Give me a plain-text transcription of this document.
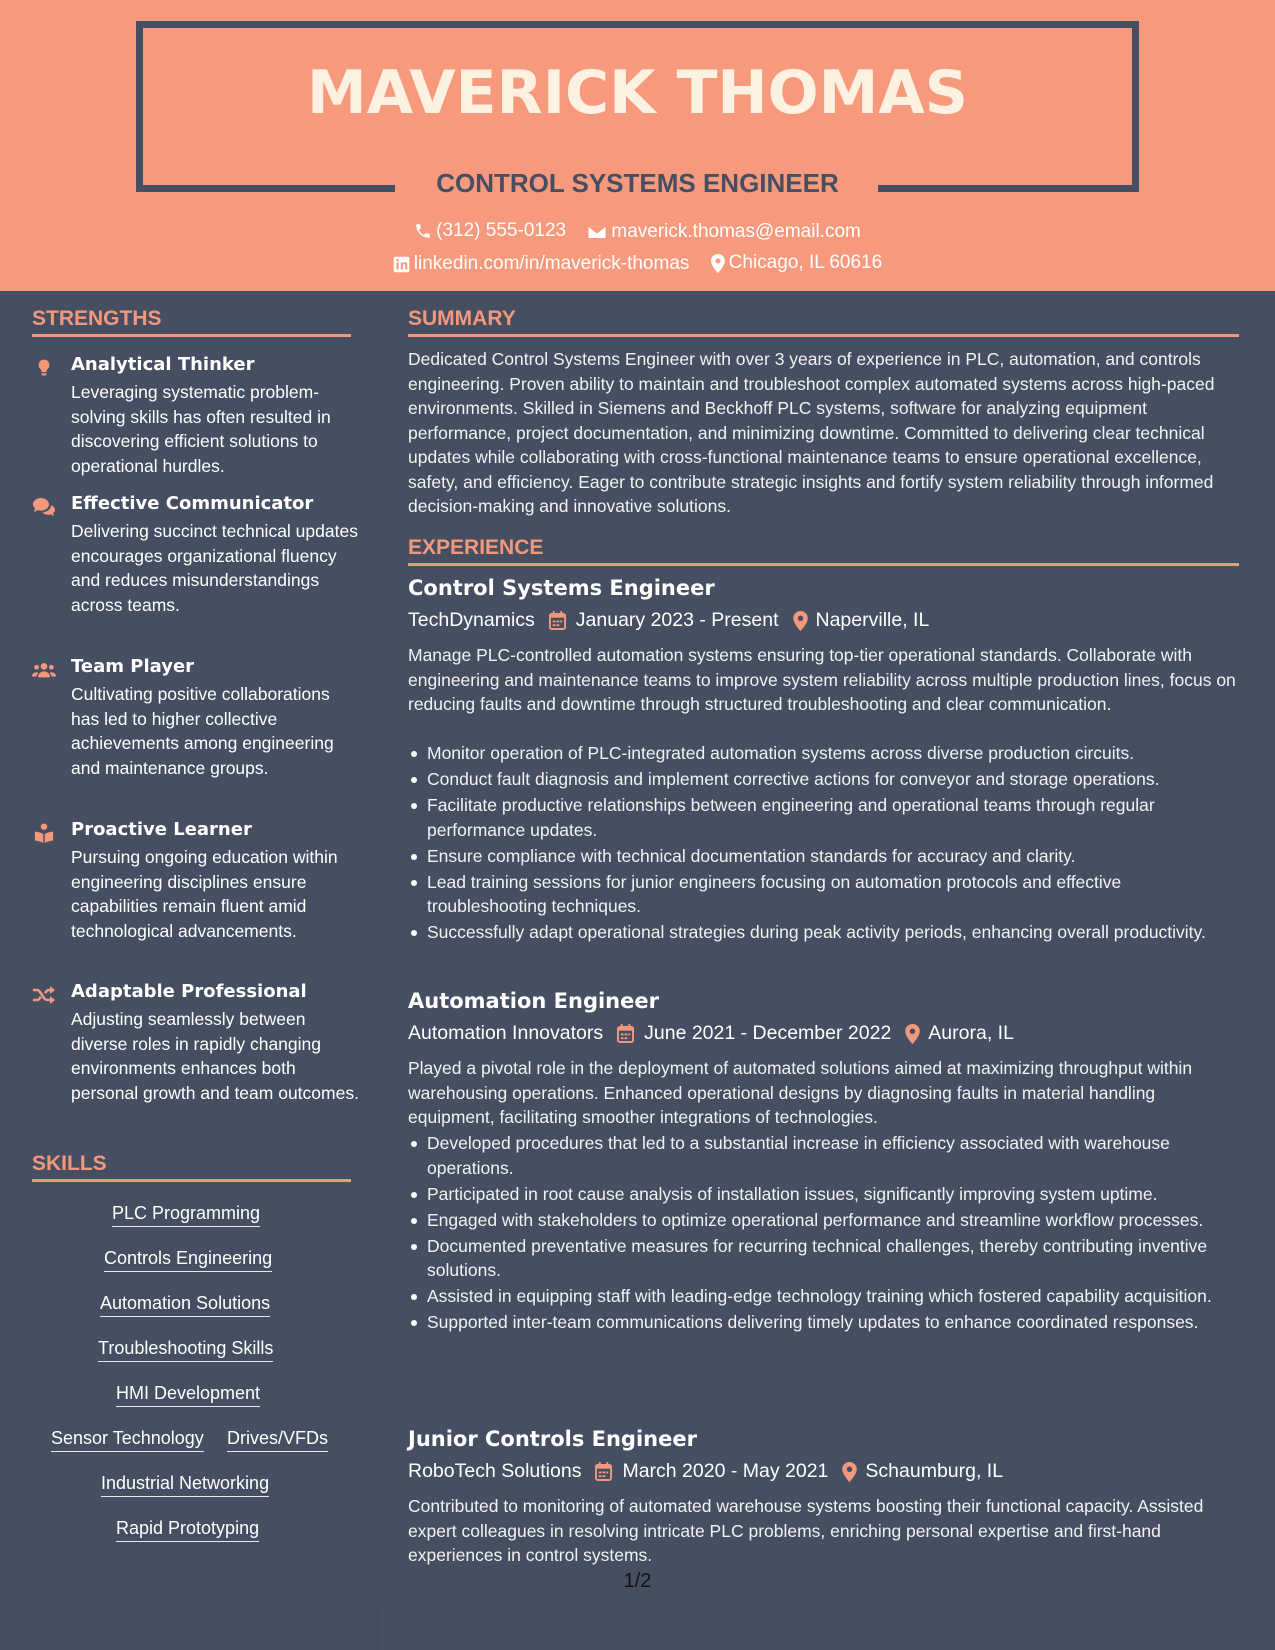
MAVERICK THOMAS
CONTROL SYSTEMS ENGINEER
(312) 555-0123
maverick.thomas@email.com
linkedin.com/in/maverick-thomas
Chicago, IL 60616
STRENGTHS
Analytical Thinker
Leveraging systematic problem-solving skills has often resulted in discovering efficient solutions to operational hurdles.
Effective Communicator
Delivering succinct technical updates encourages organizational fluency and reduces misunderstandings across teams.
Team Player
Cultivating positive collaborations has led to higher collective achievements among engineering and maintenance groups.
Proactive Learner
Pursuing ongoing education within engineering disciplines ensure capabilities remain fluent amid technological advancements.
Adaptable Professional
Adjusting seamlessly between diverse roles in rapidly changing environments enhances both personal growth and team outcomes.
SKILLS
PLC Programming
Controls Engineering
Automation Solutions
Troubleshooting Skills
HMI Development
Sensor Technology Drives/VFDs
Industrial Networking
Rapid Prototyping
SUMMARY
Dedicated Control Systems Engineer with over 3 years of experience in PLC, automation, and controls engineering. Proven ability to maintain and troubleshoot complex automated systems across high-paced environments. Skilled in Siemens and Beckhoff PLC systems, software for analyzing equipment performance, project documentation, and minimizing downtime. Committed to delivering clear technical updates while collaborating with cross-functional maintenance teams to ensure operational excellence, safety, and efficiency. Eager to contribute strategic insights and fortify system reliability through informed decision-making and innovative solutions.
EXPERIENCE
Control Systems Engineer
TechDynamics January 2023 - Present Naperville, IL
Manage PLC-controlled automation systems ensuring top-tier operational standards. Collaborate with engineering and maintenance teams to improve system reliability across multiple production lines, focus on reducing faults and downtime through structured troubleshooting and clear communication.
Monitor operation of PLC-integrated automation systems across diverse production circuits.
Conduct fault diagnosis and implement corrective actions for conveyor and storage operations.
Facilitate productive relationships between engineering and operational teams through regular performance updates.
Ensure compliance with technical documentation standards for accuracy and clarity.
Lead training sessions for junior engineers focusing on automation protocols and effective troubleshooting techniques.
Successfully adapt operational strategies during peak activity periods, enhancing overall productivity.
Automation Engineer
Automation Innovators June 2021 - December 2022 Aurora, IL
Played a pivotal role in the deployment of automated solutions aimed at maximizing throughput within warehousing operations. Enhanced operational designs by diagnosing faults in material handling equipment, facilitating smoother integrations of technologies.
Developed procedures that led to a substantial increase in efficiency associated with warehouse operations.
Participated in root cause analysis of installation issues, significantly improving system uptime.
Engaged with stakeholders to optimize operational performance and streamline workflow processes.
Documented preventative measures for recurring technical challenges, thereby contributing inventive solutions.
Assisted in equipping staff with leading-edge technology training which fostered capability acquisition.
Supported inter-team communications delivering timely updates to enhance coordinated responses.
Junior Controls Engineer
RoboTech Solutions March 2020 - May 2021 Schaumburg, IL
Contributed to monitoring of automated warehouse systems boosting their functional capacity. Assisted expert colleagues in resolving intricate PLC problems, enriching personal expertise and first-hand experiences in control systems.
1/2
